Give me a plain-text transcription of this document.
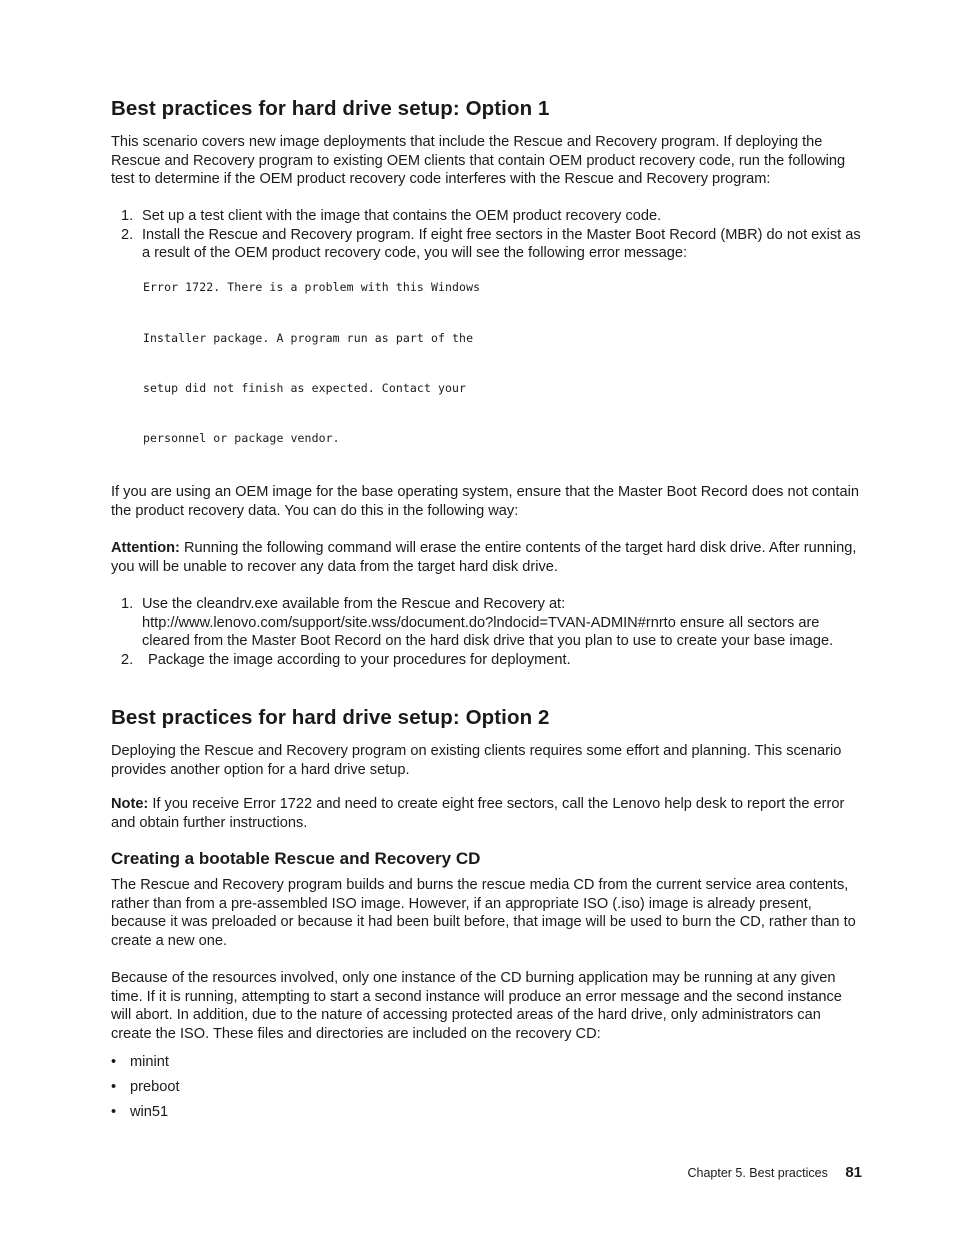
Best practices for hard drive setup: Option 1

This scenario covers new image deployments that include the Rescue and Recovery program. If deploying the Rescue and Recovery program to existing OEM clients that contain OEM product recovery code, run the following test to determine if the OEM product recovery code interferes with the Rescue and Recovery program:

1. Set up a test client with the image that contains the OEM product recovery code.
2. Install the Rescue and Recovery program. If eight free sectors in the Master Boot Record (MBR) do not exist as a result of the OEM product recovery code, you will see the following error message:
Error 1722. There is a problem with this Windows
Installer package. A program run as part of the
setup did not finish as expected. Contact your
personnel or package vendor.

If you are using an OEM image for the base operating system, ensure that the Master Boot Record does not contain the product recovery data. You can do this in the following way:

Attention: Running the following command will erase the entire contents of the target hard disk drive. After running, you will be unable to recover any data from the target hard disk drive.

1. Use the cleandrv.exe available from the Rescue and Recovery at: http://www.lenovo.com/support/site.wss/document.do?lndocid=TVAN-ADMIN#rnrto ensure all sectors are cleared from the Master Boot Record on the hard disk drive that you plan to use to create your base image.
2. Package the image according to your procedures for deployment.
Best practices for hard drive setup: Option 2

Deploying the Rescue and Recovery program on existing clients requires some effort and planning. This scenario provides another option for a hard drive setup.

Note: If you receive Error 1722 and need to create eight free sectors, call the Lenovo help desk to report the error and obtain further instructions.

Creating a bootable Rescue and Recovery CD

The Rescue and Recovery program builds and burns the rescue media CD from the current service area contents, rather than from a pre-assembled ISO image. However, if an appropriate ISO (.iso) image is already present, because it was preloaded or because it had been built before, that image will be used to burn the CD, rather than to create a new one.

Because of the resources involved, only one instance of the CD burning application may be running at any given time. If it is running, attempting to start a second instance will produce an error message and the second instance will abort. In addition, due to the nature of accessing protected areas of the hard drive, only administrators can create the ISO. These files and directories are included on the recovery CD:

• minint
• preboot
• win51
Chapter 5. Best practices 81
